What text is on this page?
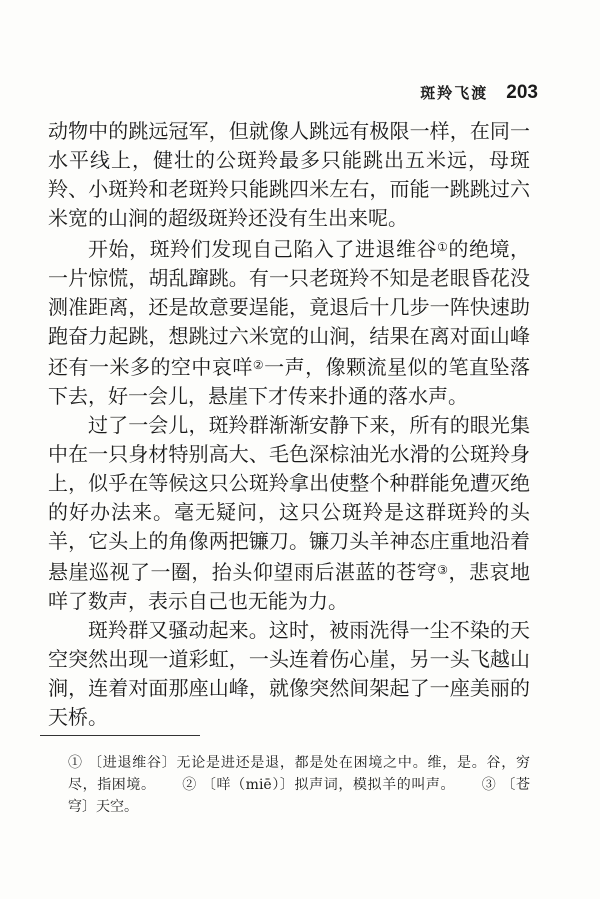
斑羚飞渡 203

动物中的跳远冠军，但就像人跳远有极限一样，在同一水平线上，健壮的公斑羚最多只能跳出五米远，母斑羚、小斑羚和老斑羚只能跳四米左右，而能一跳跳过六米宽的山涧的超级斑羚还没有生出来呢。

开始，斑羚们发现自己陷入了进退维谷①的绝境，一片惊慌，胡乱蹿跳。有一只老斑羚不知是老眼昏花没测准距离，还是故意要逞能，竟退后十几步一阵快速助跑奋力起跳，想跳过六米宽的山涧，结果在离对面山峰还有一米多的空中哀咩②一声，像颗流星似的笔直坠落下去，好一会儿，悬崖下才传来扑通的落水声。

过了一会儿，斑羚群渐渐安静下来，所有的眼光集中在一只身材特别高大、毛色深棕油光水滑的公斑羚身上，似乎在等候这只公斑羚拿出使整个种群能免遭灭绝的好办法来。毫无疑问，这只公斑羚是这群斑羚的头羊，它头上的角像两把镰刀。镰刀头羊神态庄重地沿着悬崖巡视了一圈，抬头仰望雨后湛蓝的苍穹③，悲哀地咩了数声，表示自己也无能为力。

斑羚群又骚动起来。这时，被雨洗得一尘不染的天空突然出现一道彩虹，一头连着伤心崖，另一头飞越山涧，连着对面那座山峰，就像突然间架起了一座美丽的天桥。

① 〔进退维谷〕无论是进还是退，都是处在困境之中。维，是。谷，穷尽，指困境。 ② 〔咩（miē）〕拟声词，模拟羊的叫声。 ③ 〔苍穹〕天空。
